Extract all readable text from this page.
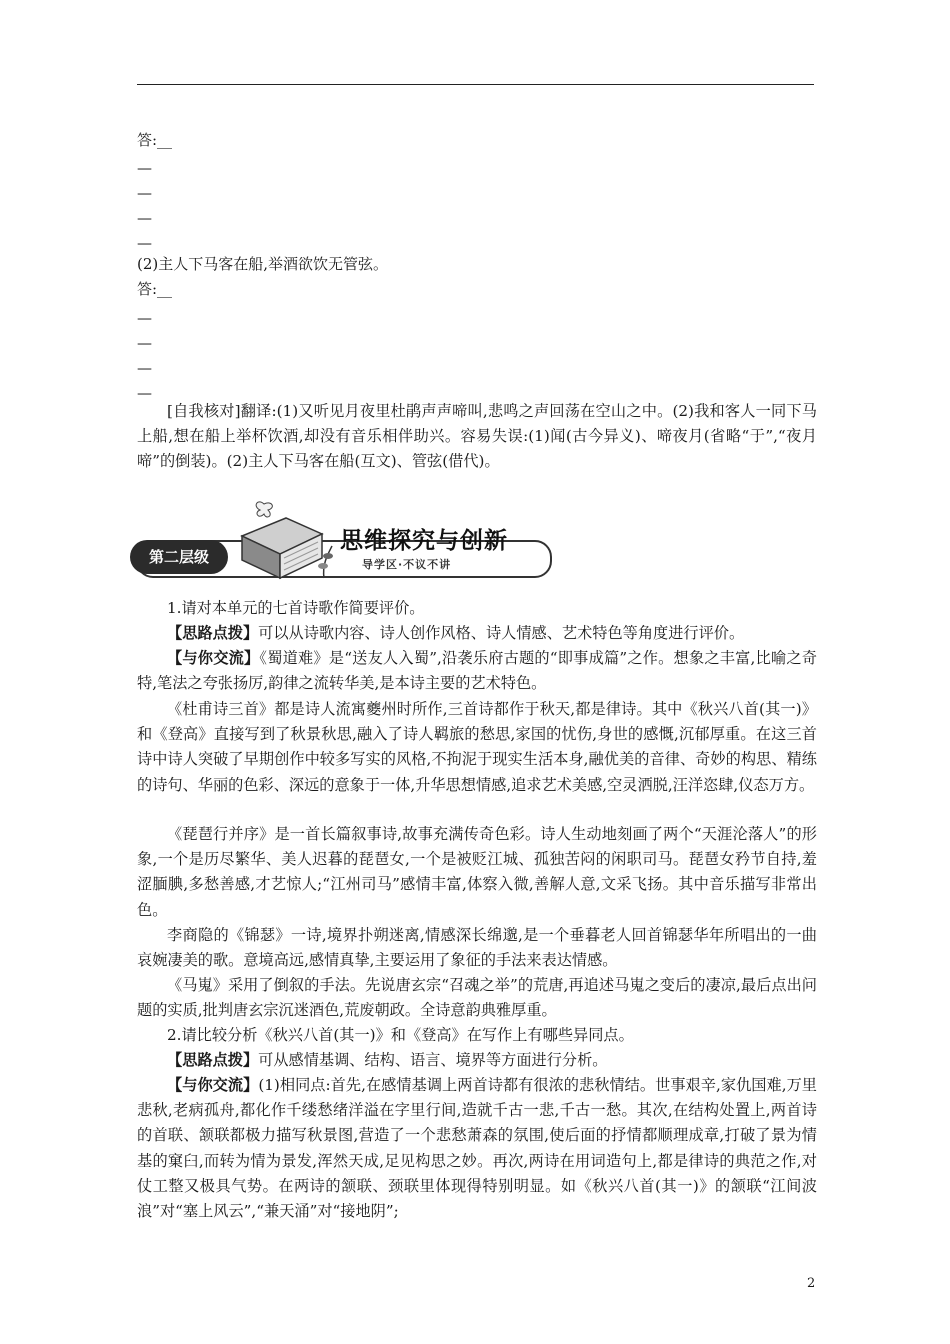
答:__
—
—
—
—
(2)主人下马客在船,举酒欲饮无管弦。
答:__
—
—
—
—

[自我核对]翻译:(1)又听见月夜里杜鹃声声啼叫,悲鸣之声回荡在空山之中。(2)我和客人一同下马上船,想在船上举杯饮酒,却没有音乐相伴助兴。容易失误:(1)闻(古今异义)、啼夜月(省略“于”,“夜月啼”的倒装)。(2)主人下马客在船(互文)、管弦(借代)。

第二层级
思维探究与创新
导学区·不议不讲

1.请对本单元的七首诗歌作简要评价。

【思路点拨】可以从诗歌内容、诗人创作风格、诗人情感、艺术特色等角度进行评价。

【与你交流】《蜀道难》是“送友人入蜀”,沿袭乐府古题的“即事成篇”之作。想象之丰富,比喻之奇特,笔法之夸张扬厉,韵律之流转华美,是本诗主要的艺术特色。

《杜甫诗三首》都是诗人流寓夔州时所作,三首诗都作于秋天,都是律诗。其中《秋兴八首(其一)》和《登高》直接写到了秋景秋思,融入了诗人羁旅的愁思,家国的忧伤,身世的感慨,沉郁厚重。在这三首诗中诗人突破了早期创作中较多写实的风格,不拘泥于现实生活本身,融优美的音律、奇妙的构思、精练的诗句、华丽的色彩、深远的意象于一体,升华思想情感,追求艺术美感,空灵洒脱,汪洋恣肆,仪态万方。

《琵琶行并序》是一首长篇叙事诗,故事充满传奇色彩。诗人生动地刻画了两个“天涯沦落人”的形象,一个是历尽繁华、美人迟暮的琵琶女,一个是被贬江城、孤独苦闷的闲职司马。琵琶女矜节自持,羞涩腼腆,多愁善感,才艺惊人;“江州司马”感情丰富,体察入微,善解人意,文采飞扬。其中音乐描写非常出色。

李商隐的《锦瑟》一诗,境界扑朔迷离,情感深长绵邈,是一个垂暮老人回首锦瑟华年所唱出的一曲哀婉凄美的歌。意境高远,感情真挚,主要运用了象征的手法来表达情感。

《马嵬》采用了倒叙的手法。先说唐玄宗“召魂之举”的荒唐,再追述马嵬之变后的凄凉,最后点出问题的实质,批判唐玄宗沉迷酒色,荒废朝政。全诗意韵典雅厚重。

2.请比较分析《秋兴八首(其一)》和《登高》在写作上有哪些异同点。

【思路点拨】可从感情基调、结构、语言、境界等方面进行分析。

【与你交流】(1)相同点:首先,在感情基调上两首诗都有很浓的悲秋情结。世事艰辛,家仇国难,万里悲秋,老病孤舟,都化作千缕愁绪洋溢在字里行间,造就千古一悲,千古一愁。其次,在结构处置上,两首诗的首联、颔联都极力描写秋景图,营造了一个悲愁萧森的氛围,使后面的抒情都顺理成章,打破了景为情基的窠臼,而转为情为景发,浑然天成,足见构思之妙。再次,两诗在用词造句上,都是律诗的典范之作,对仗工整又极具气势。在两诗的颔联、颈联里体现得特别明显。如《秋兴八首(其一)》的颔联“江间波浪”对“塞上风云”,“兼天涌”对“接地阴”;

2
